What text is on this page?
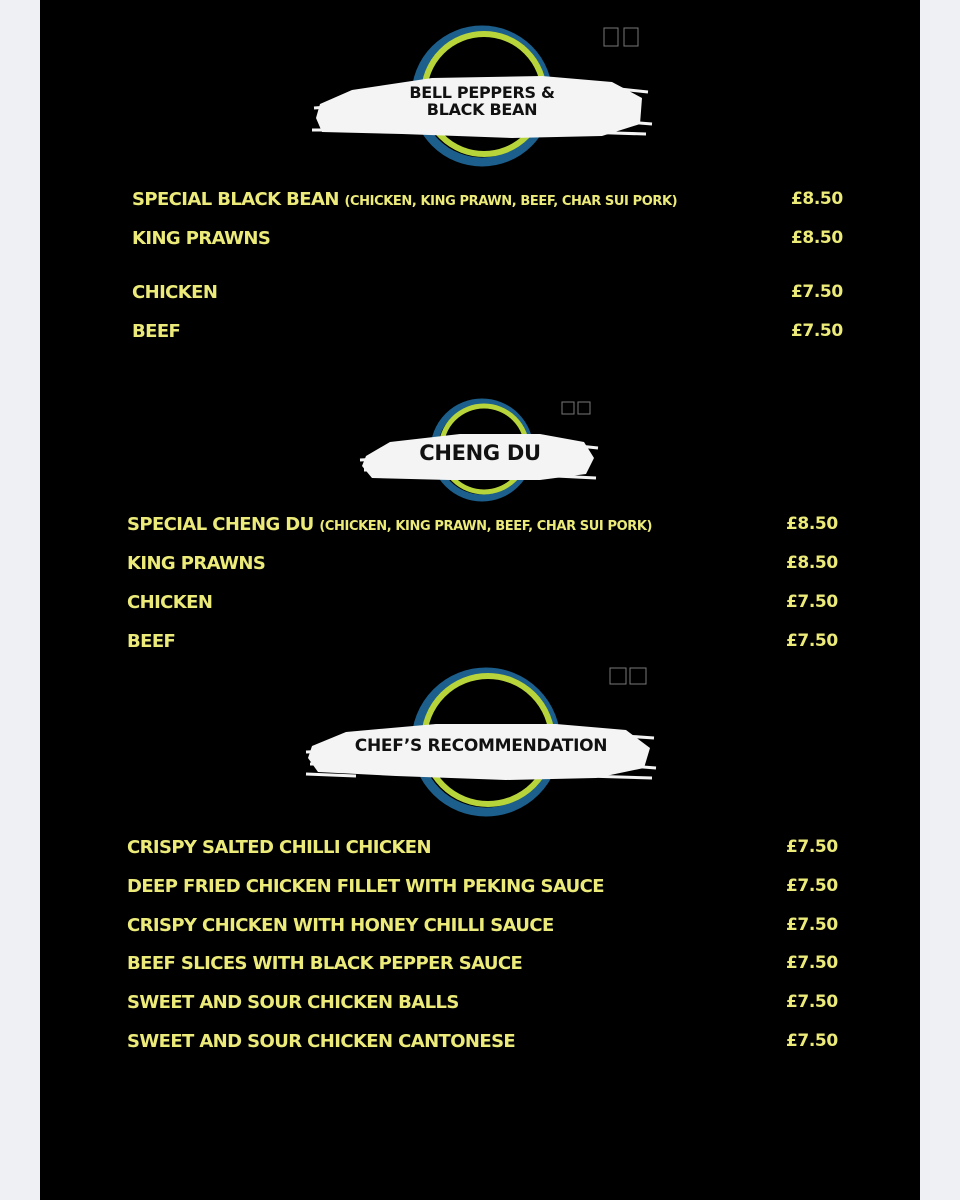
BELL PEPPERS &
BLACK BEAN
SPECIAL BLACK BEAN (CHICKEN, KING PRAWN, BEEF, CHAR SUI PORK)	£8.50
KING PRAWNS	£8.50
CHICKEN	£7.50
BEEF	£7.50
CHENG DU
SPECIAL CHENG DU (CHICKEN, KING PRAWN, BEEF, CHAR SUI PORK)	£8.50
KING PRAWNS	£8.50
CHICKEN	£7.50
BEEF	£7.50
CHEF’S RECOMMENDATION
CRISPY SALTED CHILLI CHICKEN	£7.50
DEEP FRIED CHICKEN FILLET WITH PEKING SAUCE	£7.50
CRISPY CHICKEN WITH HONEY CHILLI SAUCE	£7.50
BEEF SLICES WITH BLACK PEPPER SAUCE	£7.50
SWEET AND SOUR CHICKEN BALLS	£7.50
SWEET AND SOUR CHICKEN CANTONESE	£7.50
